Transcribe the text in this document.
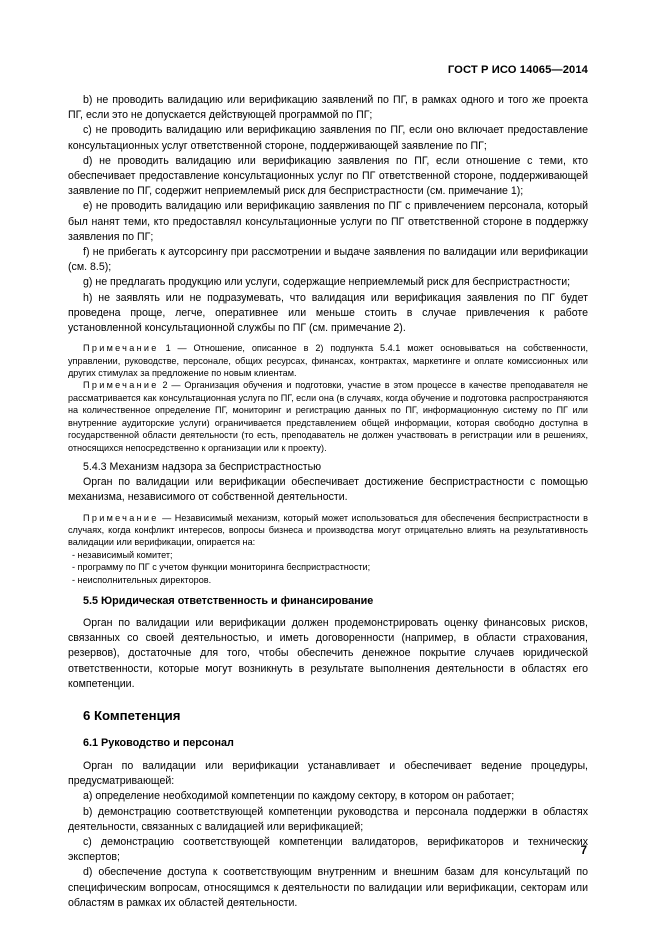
ГОСТ Р ИСО 14065—2014

b) не проводить валидацию или верификацию заявлений по ПГ, в рамках одного и того же проекта ПГ, если это не допускается действующей программой по ПГ;

с) не проводить валидацию или верификацию заявления по ПГ, если оно включает предоставление консультационных услуг ответственной стороне, поддерживающей заявление по ПГ;

d) не проводить валидацию или верификацию заявления по ПГ, если отношение с теми, кто обеспечивает предоставление консультационных услуг по ПГ ответственной стороне, поддерживающей заявление по ПГ, содержит неприемлемый риск для беспристрастности (см. примечание 1);

е) не проводить валидацию или верификацию заявления по ПГ с привлечением персонала, который был нанят теми, кто предоставлял консультационные услуги по ПГ ответственной стороне в поддержку заявления по ПГ;

f) не прибегать к аутсорсингу при рассмотрении и выдаче заявления по валидации или верификации (см. 8.5);

g) не предлагать продукцию или услуги, содержащие неприемлемый риск для беспристрастности;

h) не заявлять или не подразумевать, что валидация или верификация заявления по ПГ будет проведена проще, легче, оперативнее или меньше стоить в случае привлечения к работе установленной консультационной службы по ПГ (см. примечание 2).

Примечание 1 — Отношение, описанное в 2) подпункта 5.4.1 может основываться на собственности, управлении, руководстве, персонале, общих ресурсах, финансах, контрактах, маркетинге и оплате комиссионных или других стимулах за предложение по новым клиентам.

Примечание 2 — Организация обучения и подготовки, участие в этом процессе в качестве преподавателя не рассматривается как консультационная услуга по ПГ, если она (в случаях, когда обучение и подготовка распространяются на количественное определение ПГ, мониторинг и регистрацию данных по ПГ, информационную систему по ПГ или внутренние аудиторские услуги) ограничивается представлением общей информации, которая свободно доступна в государственной области деятельности (то есть, преподаватель не должен участвовать в регистрации или в решениях, относящихся непосредственно к организации или к проекту).

5.4.3 Механизм надзора за беспристрастностью

Орган по валидации или верификации обеспечивает достижение беспристрастности с помощью механизма, независимого от собственной деятельности.

Примечание — Независимый механизм, который может использоваться для обеспечения беспристрастности в случаях, когда конфликт интересов, вопросы бизнеса и производства могут отрицательно влиять на результативность валидации или верификации, опирается на:

- независимый комитет;

- программу по ПГ с учетом функции мониторинга беспристрастности;

- неисполнительных директоров.

5.5 Юридическая ответственность и финансирование

Орган по валидации или верификации должен продемонстрировать оценку финансовых рисков, связанных со своей деятельностью, и иметь договоренности (например, в области страхования, резервов), достаточные для того, чтобы обеспечить денежное покрытие случаев юридической ответственности, которые могут возникнуть в результате выполнения деятельности в областях его компетенции.

6 Компетенция

6.1 Руководство и персонал

Орган по валидации или верификации устанавливает и обеспечивает ведение процедуры, предусматривающей:

а) определение необходимой компетенции по каждому сектору, в котором он работает;

b) демонстрацию соответствующей компетенции руководства и персонала поддержки в областях деятельности, связанных с валидацией или верификацией;

с) демонстрацию соответствующей компетенции валидаторов, верификаторов и технических экспертов;

d) обеспечение доступа к соответствующим внутренним и внешним базам для консультаций по специфическим вопросам, относящимся к деятельности по валидации или верификации, секторам или областям в рамках их областей деятельности.

7
